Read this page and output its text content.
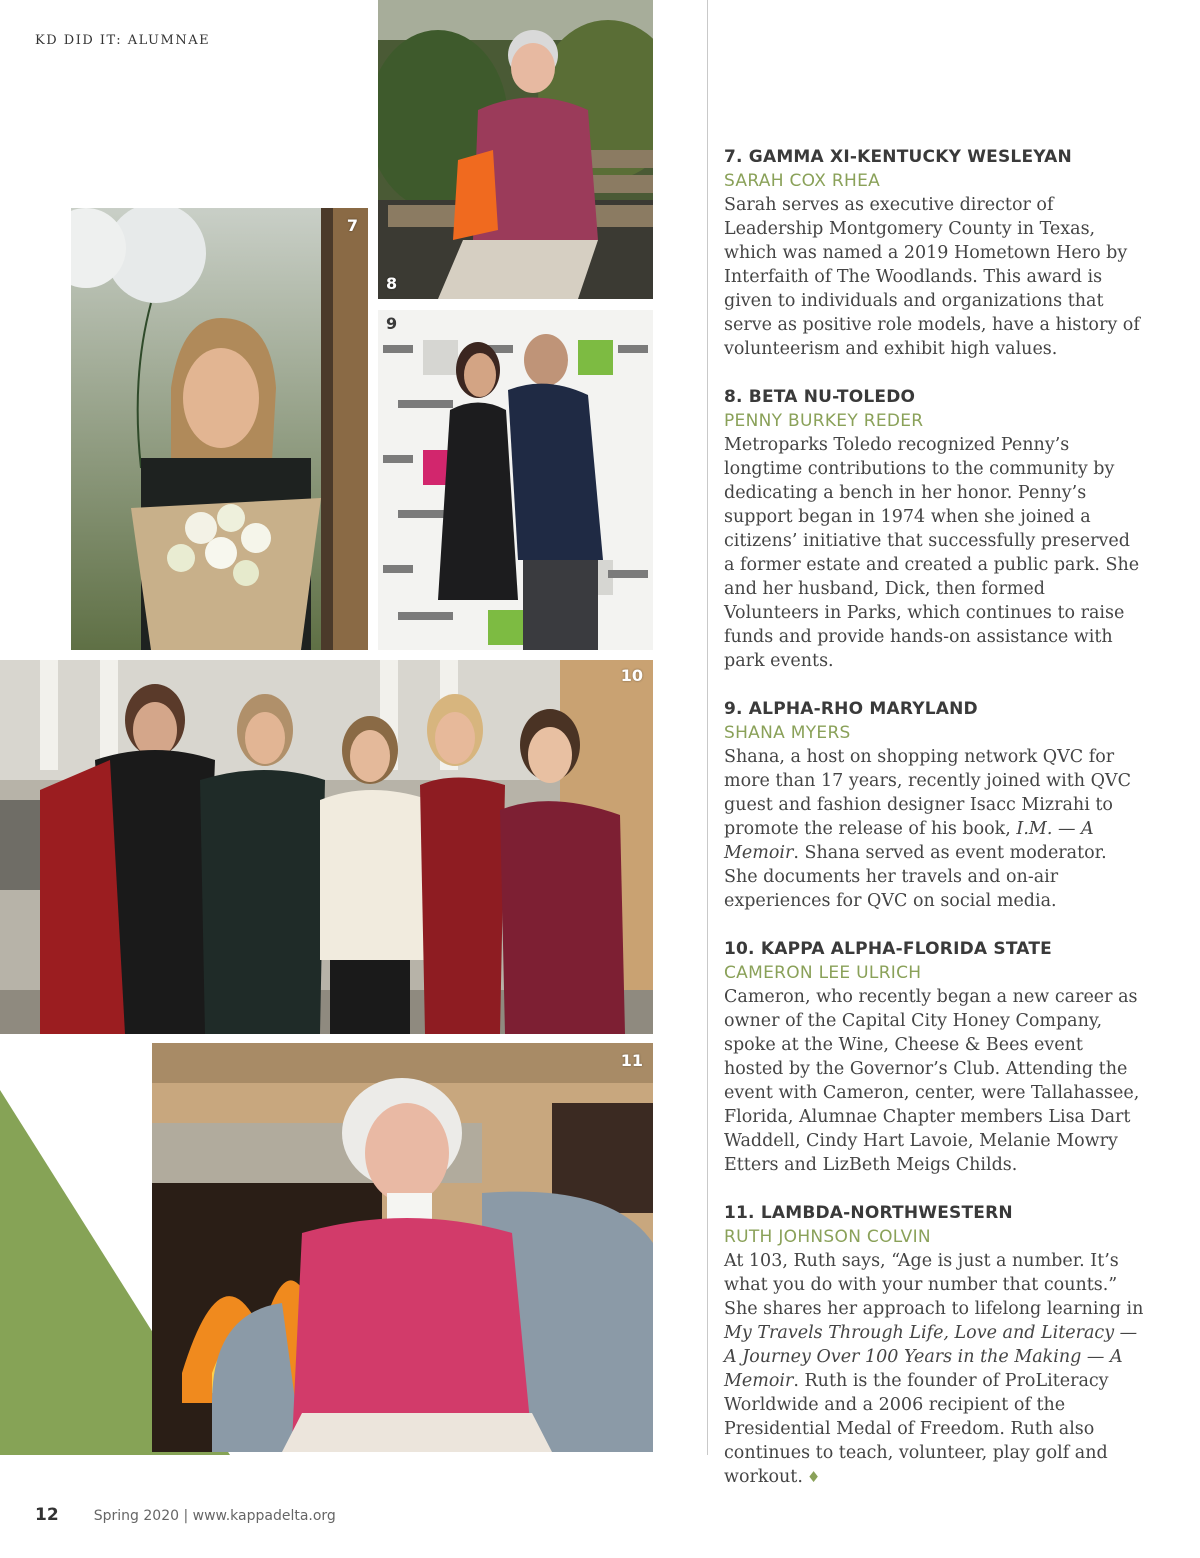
KD DID IT: ALUMNAE
7
8
9
10
11
7. GAMMA XI-KENTUCKY WESLEYAN
SARAH COX RHEA

Sarah serves as executive director of Leadership Montgomery County in Texas, which was named a 2019 Hometown Hero by Interfaith of The Woodlands. This award is given to individuals and organizations that serve as positive role models, have a history of volunteerism and exhibit high values.

8. BETA NU-TOLEDO
PENNY BURKEY REDER

Metroparks Toledo recognized Penny’s longtime contributions to the community by dedicating a bench in her honor. Penny’s support began in 1974 when she joined a citizens’ initiative that successfully preserved a former estate and created a public park. She and her husband, Dick, then formed Volunteers in Parks, which continues to raise funds and provide hands-on assistance with park events.

9. ALPHA-RHO MARYLAND
SHANA MYERS

Shana, a host on shopping network QVC for more than 17 years, recently joined with QVC guest and fashion designer Isacc Mizrahi to promote the release of his book, I.M. — A Memoir. Shana served as event moderator. She documents her travels and on-air experiences for QVC on social media.

10. KAPPA ALPHA-FLORIDA STATE
CAMERON LEE ULRICH

Cameron, who recently began a new career as owner of the Capital City Honey Company, spoke at the Wine, Cheese & Bees event hosted by the Governor’s Club. Attending the event with Cameron, center, were Tallahassee, Florida, Alumnae Chapter members Lisa Dart Waddell, Cindy Hart Lavoie, Melanie Mowry Etters and LizBeth Meigs Childs.

11. LAMBDA-NORTHWESTERN
RUTH JOHNSON COLVIN

At 103, Ruth says, “Age is just a number. It’s what you do with your number that counts.” She shares her approach to lifelong learning in My Travels Through Life, Love and Literacy — A Journey Over 100 Years in the Making — A Memoir. Ruth is the founder of ProLiteracy Worldwide and a 2006 recipient of the Presidential Medal of Freedom. Ruth also continues to teach, volunteer, play golf and workout. ♦

12	Spring 2020 | www.kappadelta.org
